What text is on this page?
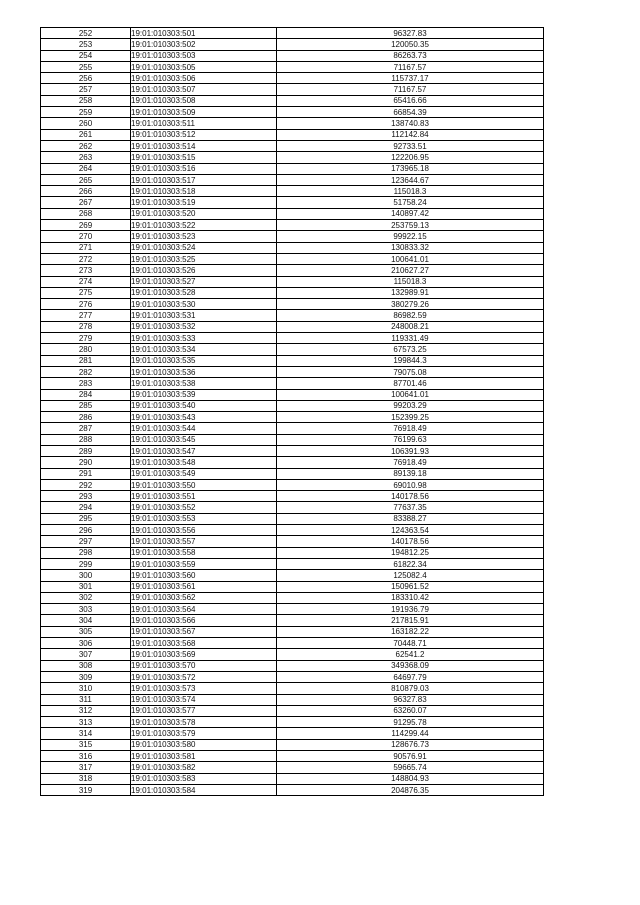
252	19:01:010303:501	96327.83
253	19:01:010303:502	120050.35
254	19:01:010303:503	86263.73
255	19:01:010303:505	71167.57
256	19:01:010303:506	115737.17
257	19:01:010303:507	71167.57
258	19:01:010303:508	65416.66
259	19:01:010303:509	66854.39
260	19:01:010303:511	138740.83
261	19:01:010303:512	112142.84
262	19:01:010303:514	92733.51
263	19:01:010303:515	122206.95
264	19:01:010303:516	173965.18
265	19:01:010303:517	123644.67
266	19:01:010303:518	115018.3
267	19:01:010303:519	51758.24
268	19:01:010303:520	140897.42
269	19:01:010303:522	253759.13
270	19:01:010303:523	99922.15
271	19:01:010303:524	130833.32
272	19:01:010303:525	100641.01
273	19:01:010303:526	210627.27
274	19:01:010303:527	115018.3
275	19:01:010303:528	132989.91
276	19:01:010303:530	380279.26
277	19:01:010303:531	86982.59
278	19:01:010303:532	248008.21
279	19:01:010303:533	119331.49
280	19:01:010303:534	67573.25
281	19:01:010303:535	199844.3
282	19:01:010303:536	79075.08
283	19:01:010303:538	87701.46
284	19:01:010303:539	100641.01
285	19:01:010303:540	99203.29
286	19:01:010303:543	152399.25
287	19:01:010303:544	76918.49
288	19:01:010303:545	76199.63
289	19:01:010303:547	106391.93
290	19:01:010303:548	76918.49
291	19:01:010303:549	89139.18
292	19:01:010303:550	69010.98
293	19:01:010303:551	140178.56
294	19:01:010303:552	77637.35
295	19:01:010303:553	83388.27
296	19:01:010303:556	124363.54
297	19:01:010303:557	140178.56
298	19:01:010303:558	194812.25
299	19:01:010303:559	61822.34
300	19:01:010303:560	125082.4
301	19:01:010303:561	150961.52
302	19:01:010303:562	183310.42
303	19:01:010303:564	191936.79
304	19:01:010303:566	217815.91
305	19:01:010303:567	163182.22
306	19:01:010303:568	70448.71
307	19:01:010303:569	62541.2
308	19:01:010303:570	349368.09
309	19:01:010303:572	64697.79
310	19:01:010303:573	810879.03
311	19:01:010303:574	96327.83
312	19:01:010303:577	63260.07
313	19:01:010303:578	91295.78
314	19:01:010303:579	114299.44
315	19:01:010303:580	128676.73
316	19:01:010303:581	90576.91
317	19:01:010303:582	59665.74
318	19:01:010303:583	148804.93
319	19:01:010303:584	204876.35
